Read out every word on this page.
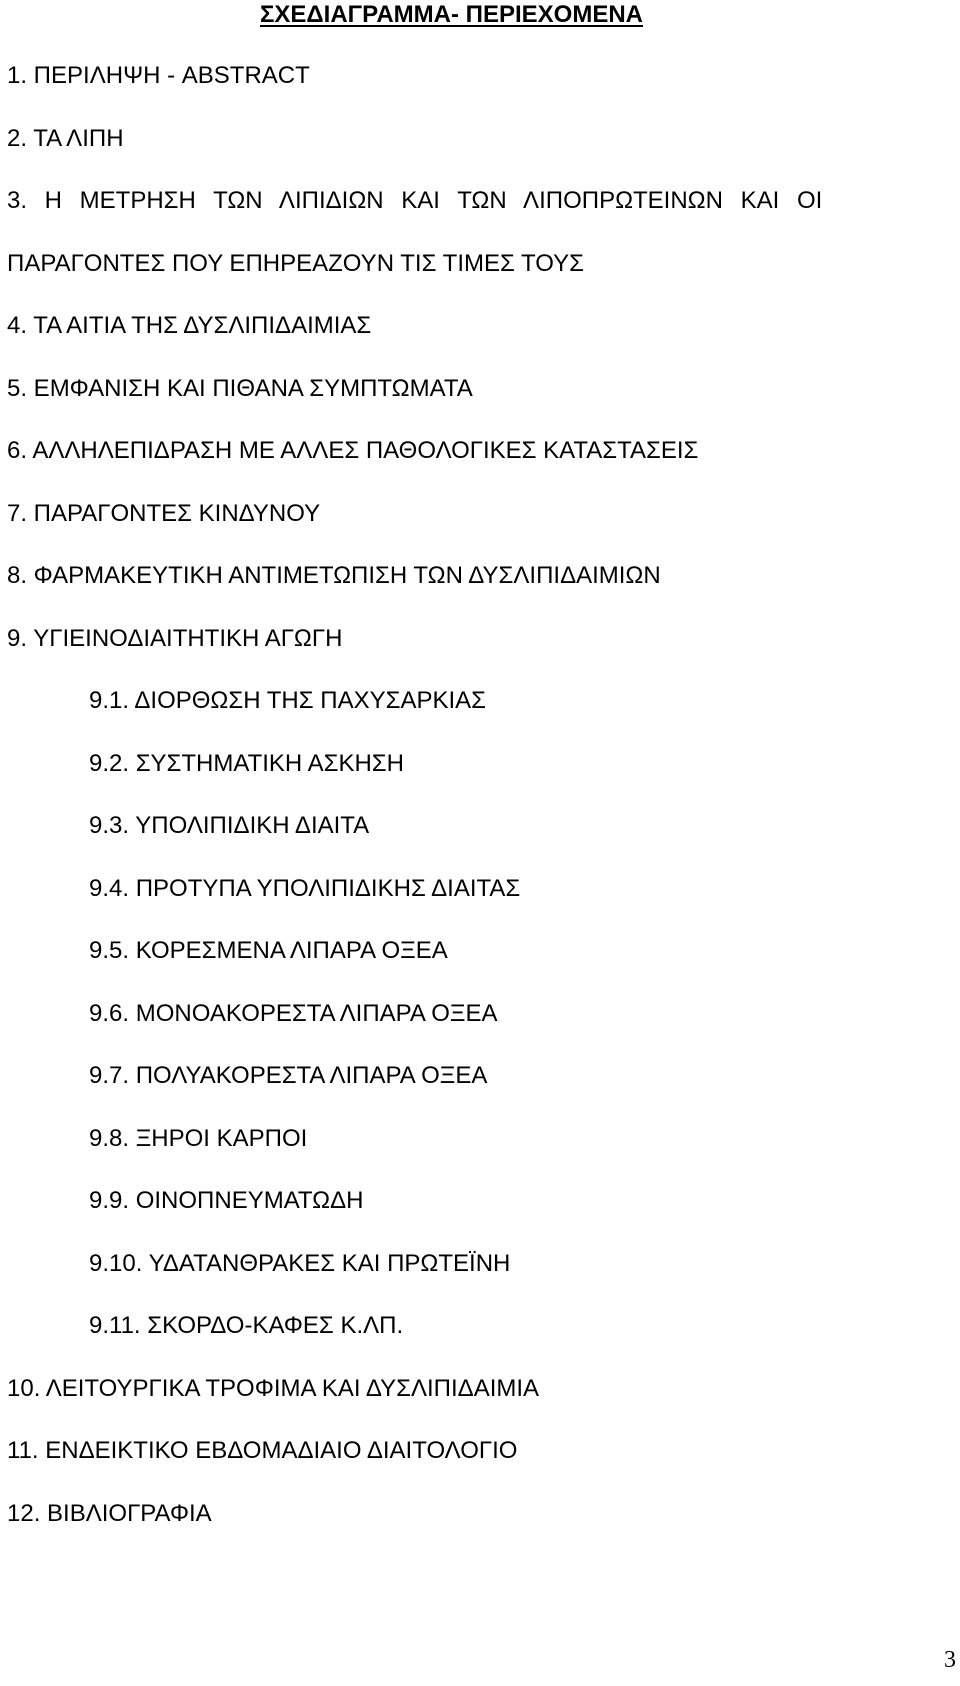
ΣΧΕΔΙΑΓΡΑΜΜΑ- ΠΕΡΙΕΧΟΜΕΝΑ
1. ΠΕΡΙΛΗΨΗ - ABSTRACT
2. ΤΑ ΛΙΠΗ
3. Η ΜΕΤΡΗΣΗ ΤΩΝ ΛΙΠΙΔΙΩΝ ΚΑΙ ΤΩΝ ΛΙΠΟΠΡΩΤΕΙΝΩΝ ΚΑΙ ΟΙ
ΠΑΡΑΓΟΝΤΕΣ ΠΟΥ ΕΠΗΡΕΑΖΟΥΝ ΤΙΣ ΤΙΜΕΣ ΤΟΥΣ
4. ΤΑ ΑΙΤΙΑ ΤΗΣ ΔΥΣΛΙΠΙΔΑΙΜΙΑΣ
5. ΕΜΦΑΝΙΣΗ ΚΑΙ ΠΙΘΑΝΑ ΣΥΜΠΤΩΜΑΤΑ
6. ΑΛΛΗΛΕΠΙΔΡΑΣΗ ΜΕ ΑΛΛΕΣ ΠΑΘΟΛΟΓΙΚΕΣ ΚΑΤΑΣΤΑΣΕΙΣ
7. ΠΑΡΑΓΟΝΤΕΣ ΚΙΝΔΥΝΟΥ
8. ΦΑΡΜΑΚΕΥΤΙΚΗ ΑΝΤΙΜΕΤΩΠΙΣΗ ΤΩΝ ΔΥΣΛΙΠΙΔΑΙΜΙΩΝ
9. ΥΓΙΕΙΝΟΔΙΑΙΤΗΤΙΚΗ ΑΓΩΓΗ
9.1. ΔΙΟΡΘΩΣΗ ΤΗΣ ΠΑΧΥΣΑΡΚΙΑΣ
9.2. ΣΥΣΤΗΜΑΤΙΚΗ ΑΣΚΗΣΗ
9.3. ΥΠΟΛΙΠΙΔΙΚΗ ΔΙΑΙΤΑ
9.4. ΠΡΟΤΥΠΑ ΥΠΟΛΙΠΙΔΙΚΗΣ ΔΙΑΙΤΑΣ
9.5. ΚΟΡΕΣΜΕΝΑ ΛΙΠΑΡΑ ΟΞΕΑ
9.6. ΜΟΝΟΑΚΟΡΕΣΤΑ ΛΙΠΑΡΑ ΟΞΕΑ
9.7. ΠΟΛΥΑΚΟΡΕΣΤΑ ΛΙΠΑΡΑ ΟΞΕΑ
9.8. ΞΗΡΟΙ ΚΑΡΠΟΙ
9.9. ΟΙΝΟΠΝΕΥΜΑΤΩΔΗ
9.10. ΥΔΑΤΑΝΘΡΑΚΕΣ ΚΑΙ ΠΡΩΤΕΪΝΗ
9.11. ΣΚΟΡΔΟ-ΚΑΦΕΣ Κ.ΛΠ.
10. ΛΕΙΤΟΥΡΓΙΚΑ ΤΡΟΦΙΜΑ ΚΑΙ ΔΥΣΛΙΠΙΔΑΙΜΙΑ
11. ΕΝΔΕΙΚΤΙΚΟ ΕΒΔΟΜΑΔΙΑΙΟ ΔΙΑΙΤΟΛΟΓΙΟ
12. ΒΙΒΛΙΟΓΡΑΦΙΑ
3
